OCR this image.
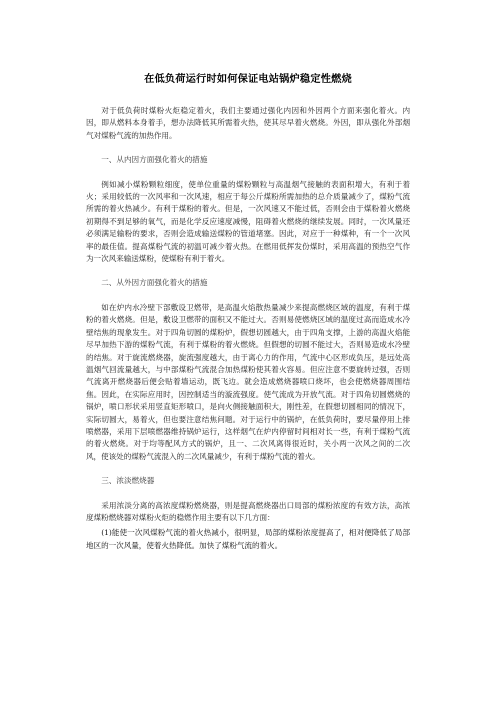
在低负荷运行时如何保证电站锅炉稳定性燃烧

对于低负荷时煤粉火炬稳定着火，我们主要通过强化内因和外因两个方面来强化着火。内因，即从燃料本身着手，想办法降低其所需着火热，使其尽早着火燃烧。外因，即从强化外部烟气对煤粉气流的加热作用。

一、从内因方面强化着火的措施

例如减小煤粉颗粒细度，使单位重量的煤粉颗粒与高温烟气接触的表面积增大，有利于着火；采用较低的一次风率和一次风速，相应于每公斤煤粉所需加热的总介质量减少了，煤粉气流所需的着火热减少。有利于煤粉的着火。但是，一次风速又不能过低，否则会由于煤粉着火燃烧初期得不到足够的氧气，而是化学反应速度减慢，阻碍着火燃烧的继续发展。同时，一次风量还必须满足输粉的要求，否则会造成输送煤粉的管道堵塞。因此，对应于一种煤种，有一个一次风率的最佳值。提高煤粉气流的初温可减少着火热。在燃用低挥发份煤时，采用高温的预热空气作为一次风来输送煤粉，使煤粉有利于着火。

二、从外因方面强化着火的措施

如在炉内水冷壁下部敷设卫燃带，是高温火焰散热量减少来提高燃烧区域的温度，有利于煤粉的着火燃烧。但是，敷设卫燃带的面积又不能过大。否则易使燃烧区域的温度过高而造成水冷壁结焦的现象发生。对于四角切圆的煤粉炉，假想切圆越大，由于四角支撑，上游的高温火焰能尽早加热下游的煤粉气流，有利于煤粉的着火燃烧。但假想的切圆不能过大，否则易造成水冷壁的结焦。对于旋流燃烧器，旋流强度越大，由于离心力的作用，气流中心区形成负压，是远处高温烟气回流量越大，与中部煤粉气流混合加热煤粉使其着火容易。但应注意不要旋转过强，否则气流离开燃烧器后便会贴着墙运动，既飞边。就会造成燃烧器喷口烧坏，也会使燃烧器周围结焦。因此，在实际应用时，因控制适当的漩流强度。使气流成为开放气流。对于四角切圆燃烧的锅炉，喷口形状采用竖直矩形喷口，是向火侧接触面积大，刚性差，在假想切圆相同的情况下，实际切圆大，易着火，但也要注意结焦问题。对于运行中的锅炉，在低负荷时，要尽量停用上排喷燃器，采用下层喷燃器维持锅炉运行，这样烟气在炉内停留时间相对长一些，有利于煤粉气流的着火燃烧。对于均等配风方式的锅炉，且一、二次风离得很近时，关小两一次风之间的二次风，使该处的煤粉气流混入的二次风量减少，有利于煤粉气流的着火。

三、浓淡燃烧器

采用浓淡分离的高浓度煤粉燃烧器，则是提高燃烧器出口局部的煤粉浓度的有效方法，高浓度煤粉燃烧器对煤粉火炬的稳燃作用主要有以下几方面：

(1)能使一次风煤粉气流的着火热减小，很明显，局部的煤粉浓度提高了，相对便降低了局部地区的一次风量，使着火热降低。加快了煤粉气流的着火。
